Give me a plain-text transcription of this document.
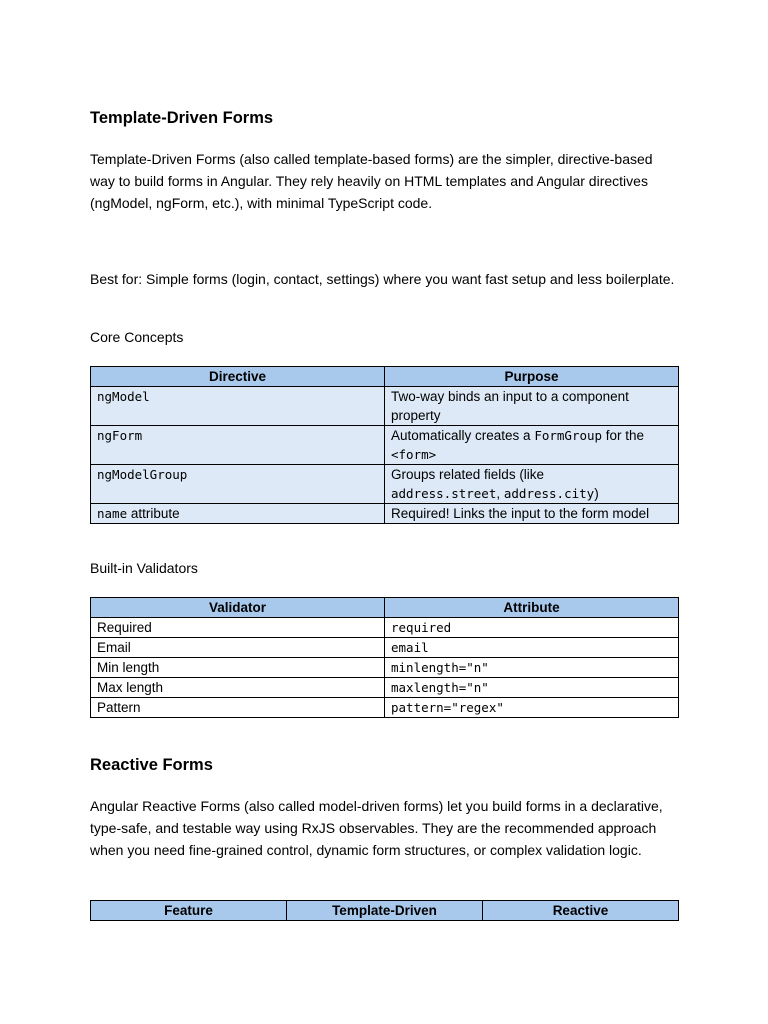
Template-Driven Forms

Template-Driven Forms (also called template-based forms) are the simpler, directive-based way to build forms in Angular. They rely heavily on HTML templates and Angular directives (ngModel, ngForm, etc.), with minimal TypeScript code.

Best for: Simple forms (login, contact, settings) where you want fast setup and less boilerplate.

Core Concepts

Directive	Purpose
ngModel	Two-way binds an input to a component property
ngForm	Automatically creates a FormGroup for the
<form>
ngModelGroup	Groups related fields (like
address.street, address.city)
name attribute	Required! Links the input to the form model

Built-in Validators

Validator	Attribute
Required	required
Email	email
Min length	minlength="n"
Max length	maxlength="n"
Pattern	pattern="regex"
Reactive Forms

Angular Reactive Forms (also called model-driven forms) let you build forms in a declarative, type-safe, and testable way using RxJS observables. They are the recommended approach when you need fine-grained control, dynamic form structures, or complex validation logic.

Feature	Template-Driven	Reactive
